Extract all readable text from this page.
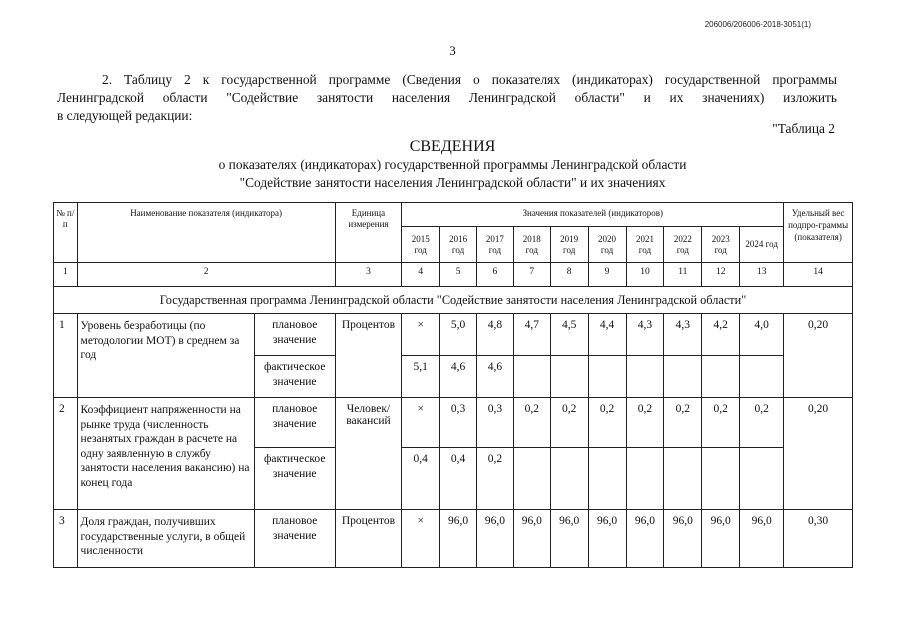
206006/206006-2018-3051(1)
3
2. Таблицу 2 к государственной программе (Сведения о показателях (индикаторах) государственной программы
Ленинградской области "Содействие занятости населения Ленинградской области" и их значениях) изложить
в следующей редакции:
"Таблица 2
СВЕДЕНИЯ
о показателях (индикаторах) государственной программы Ленинградской области
"Содействие занятости населения Ленинградской области" и их значениях
№ п/п	Наименование показателя (индикатора)		Единица измерения	Значения показателей (индикаторов)										Удельный вес подпро-граммы (показателя)
				2015 год	2016 год	2017 год	2018 год	2019 год	2020 год	2021 год	2022 год	2023 год	2024 год	
1	2		3	4	5	6	7	8	9	10	11	12	13	14
Государственная программа Ленинградской области "Содействие занятости населения Ленинградской области"														
1	Уровень безработицы (по методологии МОТ) в среднем за год	плановое значение	Процентов	×	5,0	4,8	4,7	4,5	4,4	4,3	4,3	4,2	4,0	0,20
		фактическое значение		5,1	4,6	4,6								
2	Коэффициент напряженности на рынке труда (численность незанятых граждан в расчете на одну заявленную в службу занятости населения вакансию) на конец года	плановое значение	Человек/ вакансий	×	0,3	0,3	0,2	0,2	0,2	0,2	0,2	0,2	0,2	0,20
		фактическое значение		0,4	0,4	0,2								
3	Доля граждан, получивших государственные услуги, в общей численности	плановое значение	Процентов	×	96,0	96,0	96,0	96,0	96,0	96,0	96,0	96,0	96,0	0,30
